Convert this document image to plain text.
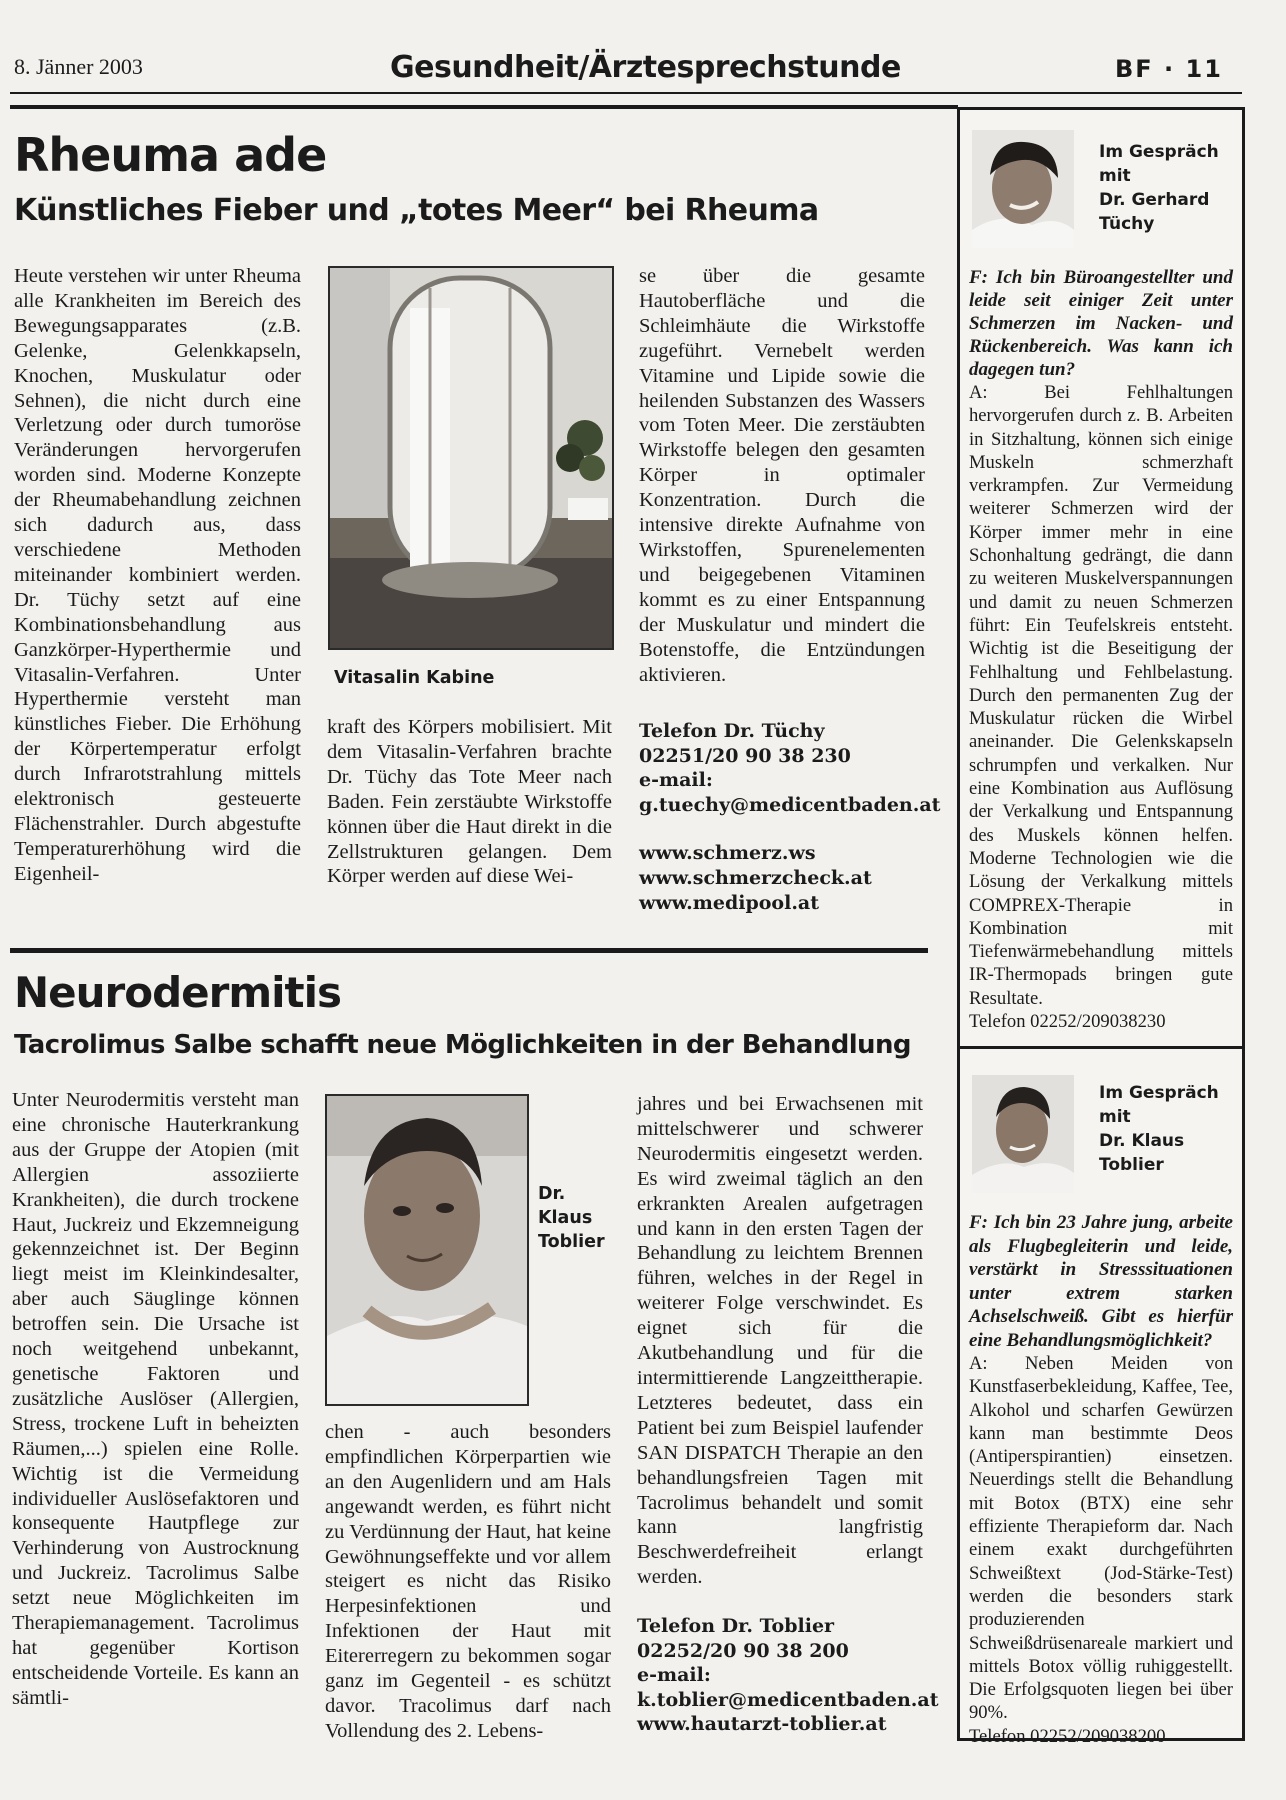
8. Jänner 2003	Gesundheit/Ärztesprechstunde	BF · 11
Rheuma ade
Künstliches Fieber und „totes Meer“ bei Rheuma

Heute verstehen wir unter Rheuma alle Krankheiten im Bereich des Bewegungsapparates (z.B. Gelenke, Gelenkkapseln, Knochen, Muskulatur oder Sehnen), die nicht durch eine Verletzung oder durch tumoröse Veränderungen hervorgerufen worden sind. Moderne Konzepte der Rheumabehandlung zeichnen sich dadurch aus, dass verschiedene Methoden miteinander kombiniert werden. Dr. Tüchy setzt auf eine Kombinationsbehandlung aus Ganzkörper-Hyperthermie und Vitasalin-Verfahren. Unter Hyperthermie versteht man künstliches Fieber. Die Erhöhung der Körpertemperatur erfolgt durch Infrarotstrahlung mittels elektronisch gesteuerte Flächenstrahler. Durch abgestufte Temperaturerhöhung wird die Eigenheil-

Vitasalin Kabine

kraft des Körpers mobilisiert. Mit dem Vitasalin-Verfahren brachte Dr. Tüchy das Tote Meer nach Baden. Fein zerstäubte Wirkstoffe können über die Haut direkt in die Zellstrukturen gelangen. Dem Körper werden auf diese Wei-

se über die gesamte Hautoberfläche und die Schleimhäute die Wirkstoffe zugeführt. Vernebelt werden Vitamine und Lipide sowie die heilenden Substanzen des Wassers vom Toten Meer. Die zerstäubten Wirkstoffe belegen den gesamten Körper in optimaler Konzentration. Durch die intensive direkte Aufnahme von Wirkstoffen, Spurenelementen und beigegebenen Vitaminen kommt es zu einer Entspannung der Muskulatur und mindert die Botenstoffe, die Entzündungen aktivieren.

Telefon Dr. Tüchy
02251/20 90 38 230
e-mail:
g.tuechy@medicentbaden.at
www.schmerz.ws
www.schmerzcheck.at
www.medipool.at
Neurodermitis
Tacrolimus Salbe schafft neue Möglichkeiten in der Behandlung

Unter Neurodermitis versteht man eine chronische Hauterkrankung aus der Gruppe der Atopien (mit Allergien assoziierte Krankheiten), die durch trockene Haut, Juckreiz und Ekzemneigung gekennzeichnet ist. Der Beginn liegt meist im Kleinkindesalter, aber auch Säuglinge können betroffen sein. Die Ursache ist noch weitgehend unbekannt, genetische Faktoren und zusätzliche Auslöser (Allergien, Stress, trockene Luft in beheizten Räumen,...) spielen eine Rolle. Wichtig ist die Vermeidung individueller Auslösefaktoren und konsequente Hautpflege zur Verhinderung von Austrocknung und Juckreiz. Tacrolimus Salbe setzt neue Möglichkeiten im Therapiemanagement. Tacrolimus hat gegenüber Kortison entscheidende Vorteile. Es kann an sämtli-

Dr. Klaus Toblier

chen - auch besonders empfindlichen Körperpartien wie an den Augenlidern und am Hals angewandt werden, es führt nicht zu Verdünnung der Haut, hat keine Gewöhnungseffekte und vor allem steigert es nicht das Risiko Herpesinfektionen und Infektionen der Haut mit Eitererregern zu bekommen sogar ganz im Gegenteil - es schützt davor. Tracolimus darf nach Vollendung des 2. Lebens-

jahres und bei Erwachsenen mit mittelschwerer und schwerer Neurodermitis eingesetzt werden. Es wird zweimal täglich an den erkrankten Arealen aufgetragen und kann in den ersten Tagen der Behandlung zu leichtem Brennen führen, welches in der Regel in weiterer Folge verschwindet. Es eignet sich für die Akutbehandlung und für die intermittierende Langzeittherapie. Letzteres bedeutet, dass ein Patient bei zum Beispiel laufender SAN DISPATCH Therapie an den behandlungsfreien Tagen mit Tacrolimus behandelt und somit kann langfristig Beschwerdefreiheit erlangt werden.

Telefon Dr. Toblier
02252/20 90 38 200
e-mail:
k.toblier@medicentbaden.at
www.hautarzt-toblier.at
Im Gespräch
mit
Dr. Gerhard
Tüchy

F: Ich bin Büroangestellter und leide seit einiger Zeit unter Schmerzen im Nacken- und Rückenbereich. Was kann ich dagegen tun?

A: Bei Fehlhaltungen hervorgerufen durch z. B. Arbeiten in Sitzhaltung, können sich einige Muskeln schmerzhaft verkrampfen. Zur Vermeidung weiterer Schmerzen wird der Körper immer mehr in eine Schonhaltung gedrängt, die dann zu weiteren Muskelverspannungen und damit zu neuen Schmerzen führt: Ein Teufelskreis entsteht. Wichtig ist die Beseitigung der Fehlhaltung und Fehlbelastung. Durch den permanenten Zug der Muskulatur rücken die Wirbel aneinander. Die Gelenkskapseln schrumpfen und verkalken. Nur eine Kombination aus Auflösung der Verkalkung und Entspannung des Muskels können helfen. Moderne Technologien wie die Lösung der Verkalkung mittels COMPREX-Therapie in Kombination mit Tiefenwärmebehandlung mittels IR-Thermopads bringen gute Resultate.

Telefon 02252/209038230

Im Gespräch
mit
Dr. Klaus
Toblier

F: Ich bin 23 Jahre jung, arbeite als Flugbegleiterin und leide, verstärkt in Stresssituationen unter extrem starken Achselschweiß. Gibt es hierfür eine Behandlungsmöglichkeit?

A: Neben Meiden von Kunstfaserbekleidung, Kaffee, Tee, Alkohol und scharfen Gewürzen kann man bestimmte Deos (Antiperspirantien) einsetzen. Neuerdings stellt die Behandlung mit Botox (BTX) eine sehr effiziente Therapieform dar. Nach einem exakt durchgeführten Schweißtext (Jod-Stärke-Test) werden die besonders stark produzierenden Schweißdrüsenareale markiert und mittels Botox völlig ruhiggestellt. Die Erfolgsquoten liegen bei über 90%.

Telefon 02252/209038200
